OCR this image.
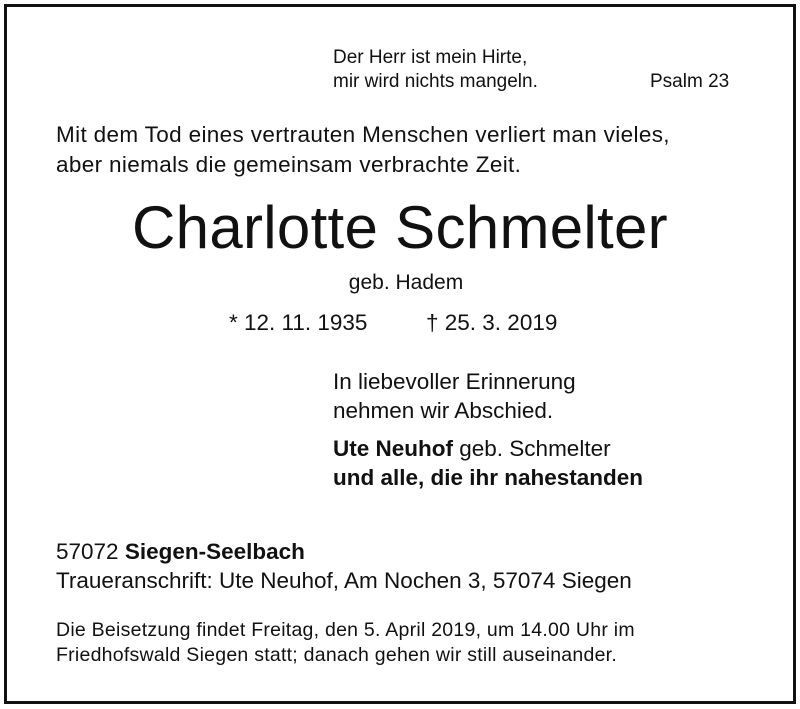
Der Herr ist mein Hirte,
mir wird nichts mangeln.	Psalm 23
Mit dem Tod eines vertrauten Menschen verliert man vieles,
aber niemals die gemeinsam verbrachte Zeit.
Charlotte Schmelter
geb. Hadem
* 12. 11. 1935	† 25. 3. 2019
In liebevoller Erinnerung
nehmen wir Abschied.
Ute Neuhof geb. Schmelter
und alle, die ihr nahestanden
57072 Siegen-Seelbach
Traueranschrift: Ute Neuhof, Am Nochen 3, 57074 Siegen
Die Beisetzung findet Freitag, den 5. April 2019, um 14.00 Uhr im
Friedhofswald Siegen statt; danach gehen wir still auseinander.
